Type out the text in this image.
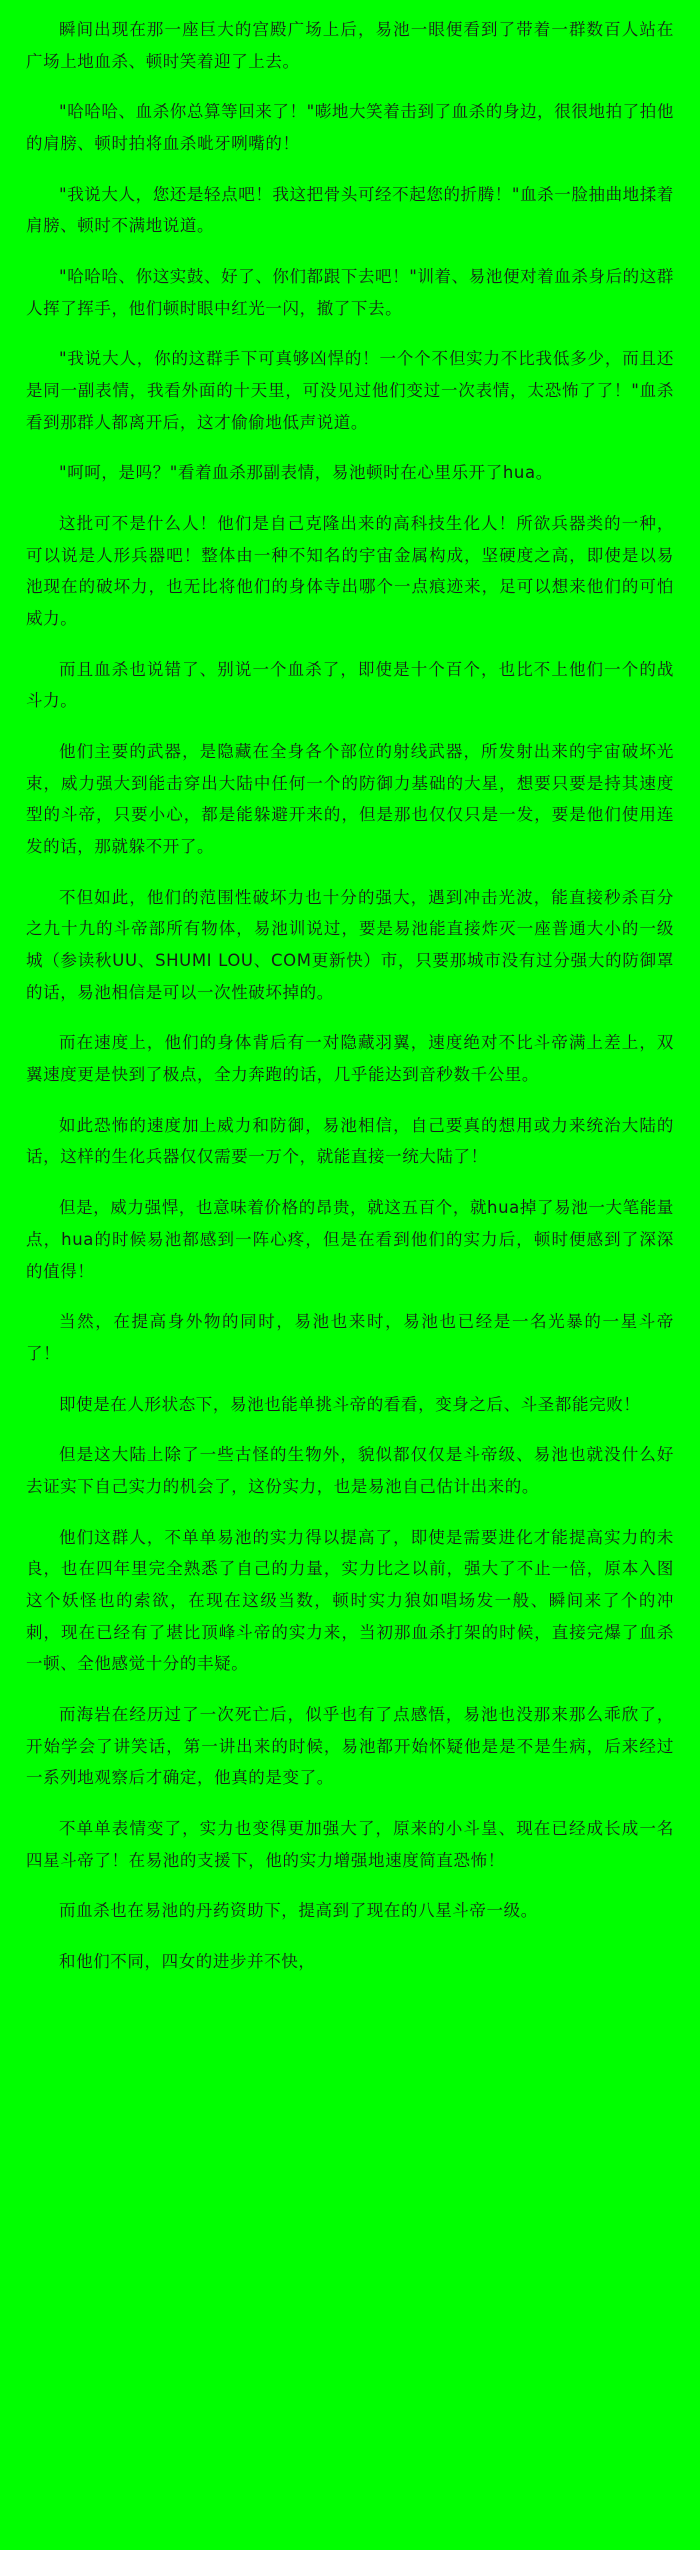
瞬间出现在那一座巨大的宫殿广场上后，易池一眼便看到了带着一群数百人站在广场上地血杀、顿时笑着迎了上去。

"哈哈哈、血杀你总算等回来了！"嘭地大笑着击到了血杀的身边，很很地拍了拍他的肩膀、顿时拍将血杀呲牙咧嘴的！

"我说大人，您还是轻点吧！我这把骨头可经不起您的折腾！"血杀一脸抽曲地揉着肩膀、顿时不满地说道。

"哈哈哈、你这实鼓、好了、你们都跟下去吧！"训着、易池便对着血杀身后的这群人挥了挥手，他们顿时眼中红光一闪，撤了下去。

"我说大人，你的这群手下可真够凶悍的！一个个不但实力不比我低多少，而且还是同一副表情，我看外面的十天里，可没见过他们变过一次表情，太恐怖了了！"血杀看到那群人都离开后，这才偷偷地低声说道。

"呵呵，是吗？"看着血杀那副表情，易池顿时在心里乐开了hua。

这批可不是什么人！他们是自己克隆出来的高科技生化人！所欲兵器类的一种，可以说是人形兵器吧！整体由一种不知名的宇宙金属构成，坚硬度之高，即使是以易池现在的破坏力，也无比将他们的身体寺出哪个一点痕迹来，足可以想来他们的可怕威力。

而且血杀也说错了、别说一个血杀了，即使是十个百个，也比不上他们一个的战斗力。

他们主要的武器，是隐藏在全身各个部位的射线武器，所发射出来的宇宙破坏光束，威力强大到能击穿出大陆中任何一个的防御力基础的大星，想要只要是持其速度型的斗帝，只要小心，都是能躲避开来的，但是那也仅仅只是一发，要是他们使用连发的话，那就躲不开了。

不但如此，他们的范围性破坏力也十分的强大，遇到冲击光波，能直接秒杀百分之九十九的斗帝部所有物体，易池训说过，要是易池能直接炸灭一座普通大小的一级城（参读秋UU、SHUMI LOU、COM更新快）市，只要那城市没有过分强大的防御罩的话，易池相信是可以一次性破坏掉的。

而在速度上，他们的身体背后有一对隐藏羽翼，速度绝对不比斗帝满上差上，双翼速度更是快到了极点，全力奔跑的话，几乎能达到音秒数千公里。

如此恐怖的速度加上威力和防御，易池相信，自己要真的想用或力来统治大陆的话，这样的生化兵器仅仅需要一万个，就能直接一统大陆了！

但是，威力强悍，也意味着价格的昂贵，就这五百个，就hua掉了易池一大笔能量点，hua的时候易池都感到一阵心疼，但是在看到他们的实力后，顿时便感到了深深的值得！

当然，在提高身外物的同时，易池也来时，易池也已经是一名光暴的一星斗帝了！

即使是在人形状态下，易池也能单挑斗帝的看看，变身之后、斗圣都能完败！

但是这大陆上除了一些古怪的生物外，貌似都仅仅是斗帝级、易池也就没什么好去证实下自己实力的机会了，这份实力，也是易池自己估计出来的。

他们这群人，不单单易池的实力得以提高了，即使是需要进化才能提高实力的未良，也在四年里完全熟悉了自己的力量，实力比之以前，强大了不止一倍，原本入图这个妖怪也的索欲，在现在这级当数，顿时实力狼如唱场发一般、瞬间来了个的冲刺，现在已经有了堪比顶峰斗帝的实力来，当初那血杀打架的时候，直接完爆了血杀一顿、全他感觉十分的丰疑。

而海岩在经历过了一次死亡后，似乎也有了点感悟，易池也没那来那么乖欣了，开始学会了讲笑话，第一讲出来的时候，易池都开始怀疑他是是不是生病，后来经过一系列地观察后才确定，他真的是变了。

不单单表情变了，实力也变得更加强大了，原来的小斗皇、现在已经成长成一名四星斗帝了！在易池的支援下，他的实力增强地速度简直恐怖！

而血杀也在易池的丹药资助下，提高到了现在的八星斗帝一级。

和他们不同，四女的进步并不快，
